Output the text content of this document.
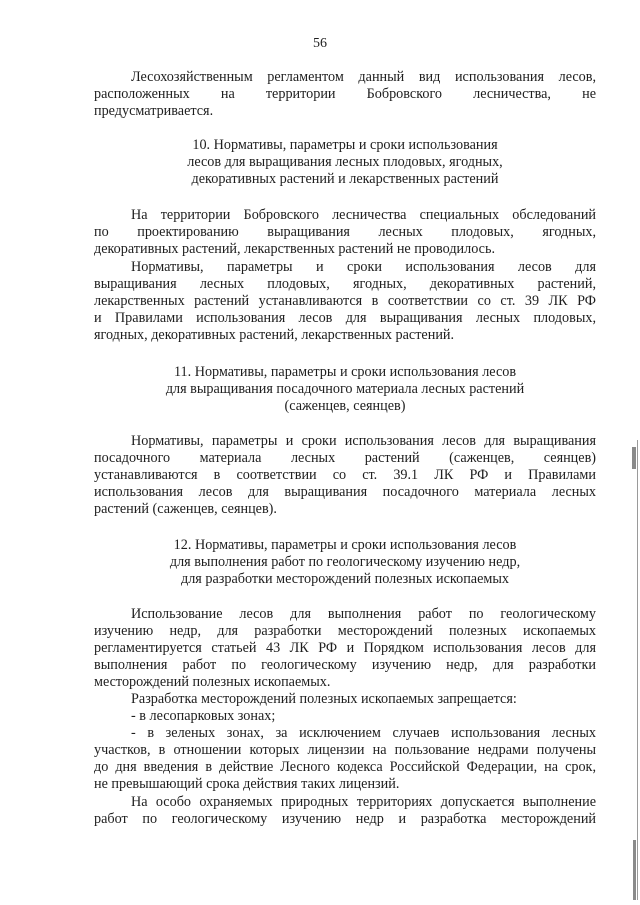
56

Лесохозяйственным регламентом данный вид использования лесов,

расположенных на территории Бобровского лесничества, не

предусматривается.

10. Нормативы, параметры и сроки использования
лесов для выращивания лесных плодовых, ягодных,
декоративных растений и лекарственных растений

На территории Бобровского лесничества специальных обследований

по проектированию выращивания лесных плодовых, ягодных,

декоративных растений, лекарственных растений не проводилось.

Нормативы, параметры и сроки использования лесов для

выращивания лесных плодовых, ягодных, декоративных растений,

лекарственных растений устанавливаются в соответствии со ст. 39 ЛК РФ

и Правилами использования лесов для выращивания лесных плодовых,

ягодных, декоративных растений, лекарственных растений.

11. Нормативы, параметры и сроки использования лесов
для выращивания посадочного материала лесных растений
(саженцев, сеянцев)

Нормативы, параметры и сроки использования лесов для выращивания

посадочного материала лесных растений (саженцев, сеянцев)

устанавливаются в соответствии со ст. 39.1 ЛК РФ и Правилами

использования лесов для выращивания посадочного материала лесных

растений (саженцев, сеянцев).

12. Нормативы, параметры и сроки использования лесов
для выполнения работ по геологическому изучению недр,
для разработки месторождений полезных ископаемых

Использование лесов для выполнения работ по геологическому

изучению недр, для разработки месторождений полезных ископаемых

регламентируется статьей 43 ЛК РФ и Порядком использования лесов для

выполнения работ по геологическому изучению недр, для разработки

месторождений полезных ископаемых.

Разработка месторождений полезных ископаемых запрещается:

- в лесопарковых зонах;

- в зеленых зонах, за исключением случаев использования лесных

участков, в отношении которых лицензии на пользование недрами получены

до дня введения в действие Лесного кодекса Российской Федерации, на срок,

не превышающий срока действия таких лицензий.

На особо охраняемых природных территориях допускается выполнение

работ по геологическому изучению недр и разработка месторождений
